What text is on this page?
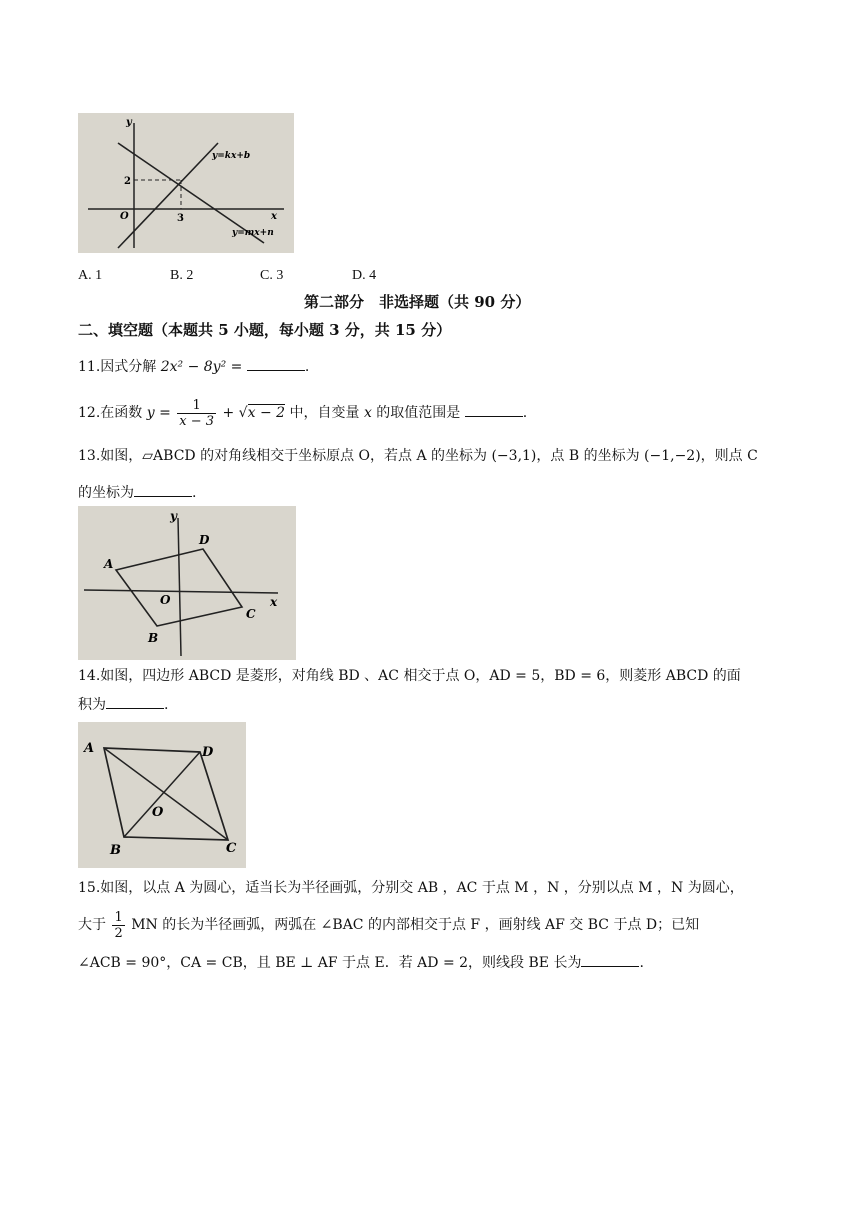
y
x
O
2
3
y=kx+b
y=mx+n
A. 1	B. 2	C. 3	D. 4
第二部分　非选择题（共 90 分）
二、填空题（本题共 5 小题，每小题 3 分，共 15 分）
11.因式分解 2x² − 8y² =	.
12.在函数 $y = \frac{1}{x - 3} + √x - 2$ 中，自变量 x 的取值范围是	.
13.如图，▱ABCD 的对角线相交于坐标原点 O，若点 A 的坐标为 (−3,1)，点 B 的坐标为 (−1,−2)，则点 C
的坐标为	.
y
x
O
A
B
C
D
14.如图，四边形 ABCD 是菱形，对角线 BD 、AC 相交于点 O，AD = 5，BD = 6，则菱形 ABCD 的面
积为	.
A	D
B	C
O
15.如图，以点 A 为圆心，适当长为半径画弧，分别交 AB ，AC 于点 M ，N ，分别以点 M ，N 为圆心，
大于 $\frac{1}{2}$ MN 的长为半径画弧，两弧在 ∠BAC 的内部相交于点 F ，画射线 AF 交 BC 于点 D；已知
∠ACB = 90°，CA = CB，且 BE ⊥ AF 于点 E．若 AD = 2，则线段 BE 长为	.
